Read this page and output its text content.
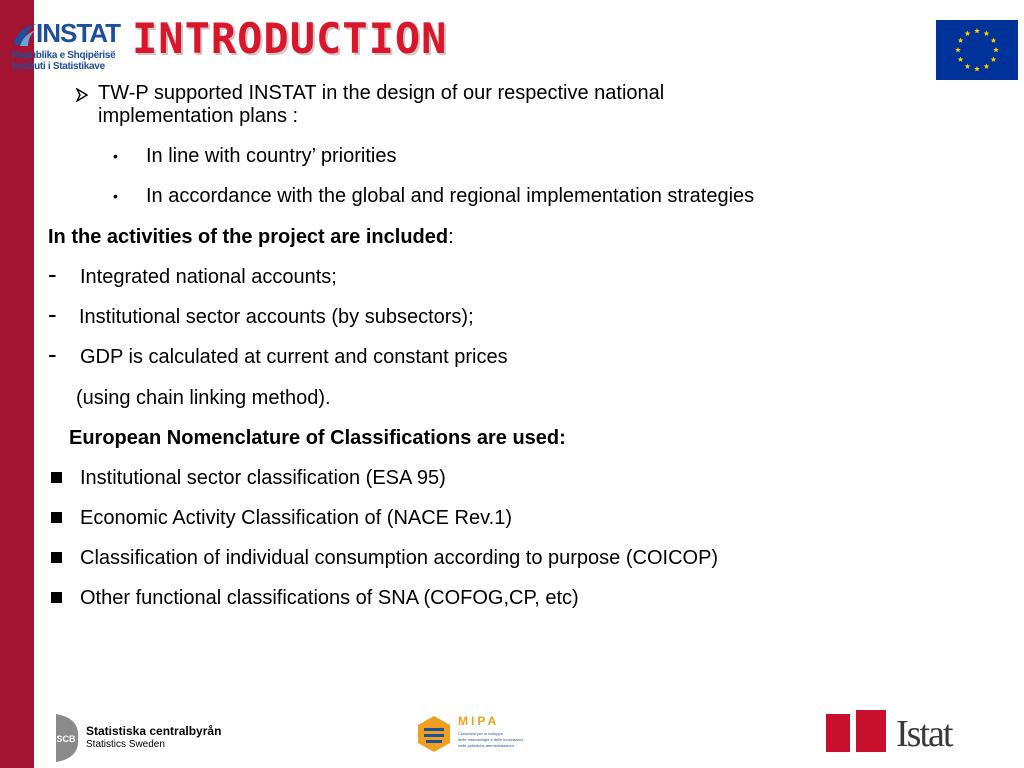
INSTAT
Republika e Shqipërisë
Instituti i Statistikave
INTRODUCTION
TW-P supported INSTAT in the design of our respective national
implementation plans :
• In line with country’ priorities
• In accordance with the global and regional implementation strategies
In the activities of the project are included:
- Integrated national accounts;
- Institutional sector accounts (by subsectors);
- GDP is calculated at current and constant prices
(using chain linking method).
European Nomenclature of Classifications are used:
Institutional sector classification (ESA 95)
Economic Activity Classification of (NACE Rev.1)
Classification of individual consumption according to purpose (COICOP)
Other functional classifications of SNA (COFOG,CP, etc)
SCB
Statistiska centralbyrån
Statistics Sweden
MIPA
Consorzio per lo sviluppo
delle metodologie e delle innovazioni
nelle pubbliche amministrazioni	Istat
